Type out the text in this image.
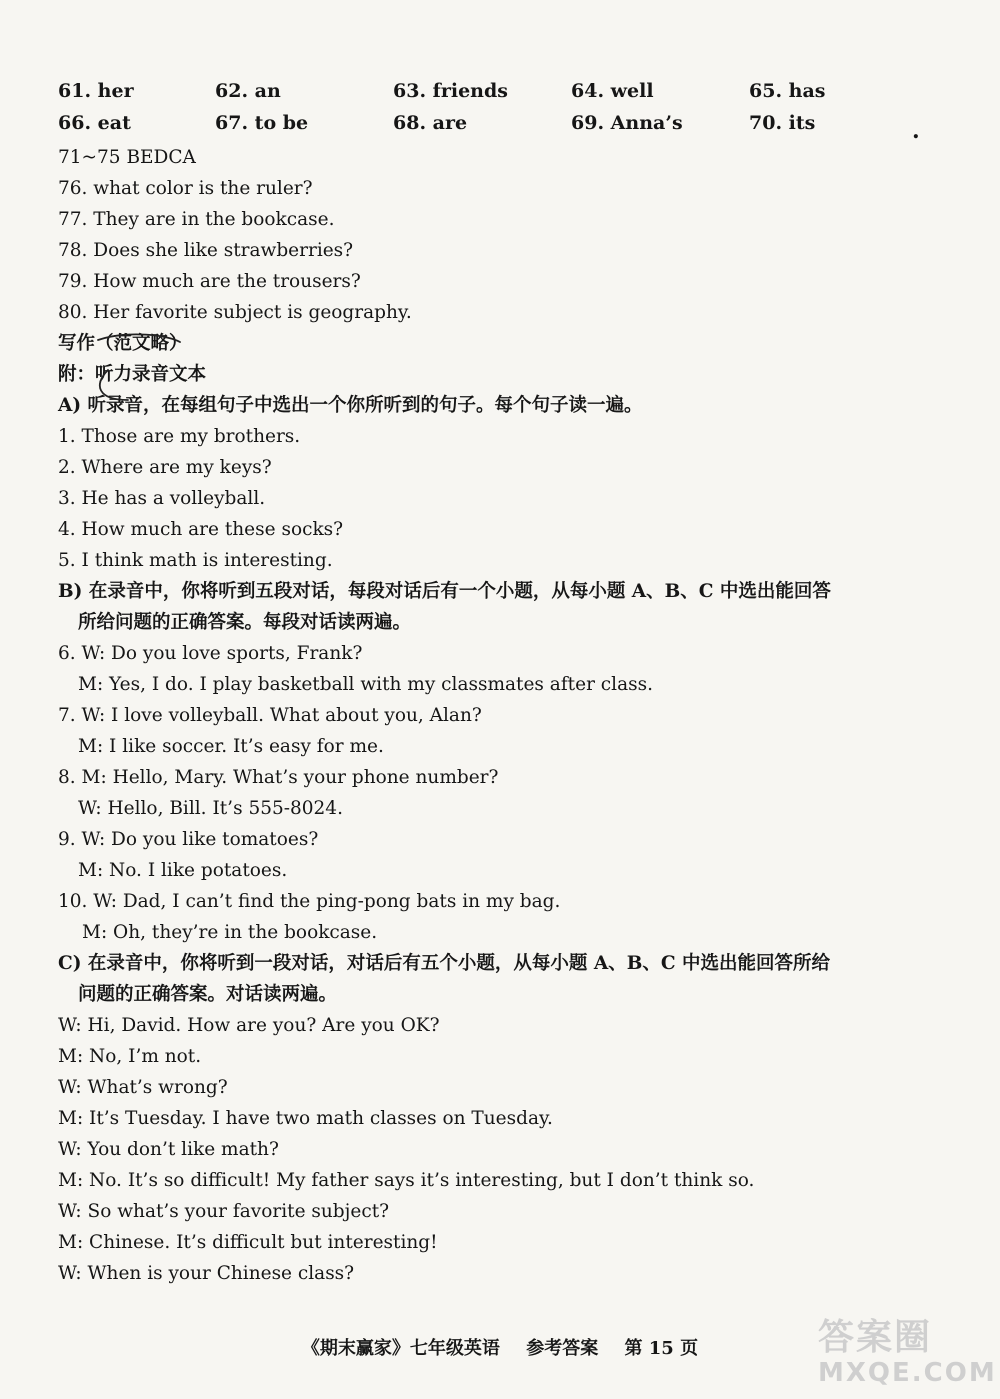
61. her	62. an	63. friends	64. well	65. has
66. eat	67. to be	68. are	69. Anna’s	70. its	.
71~75 BEDCA
76. what color is the ruler?
77. They are in the bookcase.
78. Does she like strawberries?
79. How much are the trousers?
80. Her favorite subject is geography.
写作（范文略）
附：听力录音文本
A) 听录音，在每组句子中选出一个你所听到的句子。每个句子读一遍。
1. Those are my brothers.
2. Where are my keys?
3. He has a volleyball.
4. How much are these socks?
5. I think math is interesting.
B) 在录音中，你将听到五段对话，每段对话后有一个小题，从每小题 A、B、C 中选出能回答
所给问题的正确答案。每段对话读两遍。
6. W: Do you love sports, Frank?
M: Yes, I do. I play basketball with my classmates after class.
7. W: I love volleyball. What about you, Alan?
M: I like soccer. It’s easy for me.
8. M: Hello, Mary. What’s your phone number?
W: Hello, Bill. It’s 555-8024.
9. W: Do you like tomatoes?
M: No. I like potatoes.
10. W: Dad, I can’t find the ping-pong bats in my bag.
M: Oh, they’re in the bookcase.
C) 在录音中，你将听到一段对话，对话后有五个小题，从每小题 A、B、C 中选出能回答所给
问题的正确答案。对话读两遍。
W: Hi, David. How are you? Are you OK?
M: No, I’m not.
W: What’s wrong?
M: It’s Tuesday. I have two math classes on Tuesday.
W: You don’t like math?
M: No. It’s so difficult! My father says it’s interesting, but I don’t think so.
W: So what’s your favorite subject?
M: Chinese. It’s difficult but interesting!
W: When is your Chinese class?
《期末赢家》七年级英语 参考答案 第 15 页	答案圈
MXQE.COM
